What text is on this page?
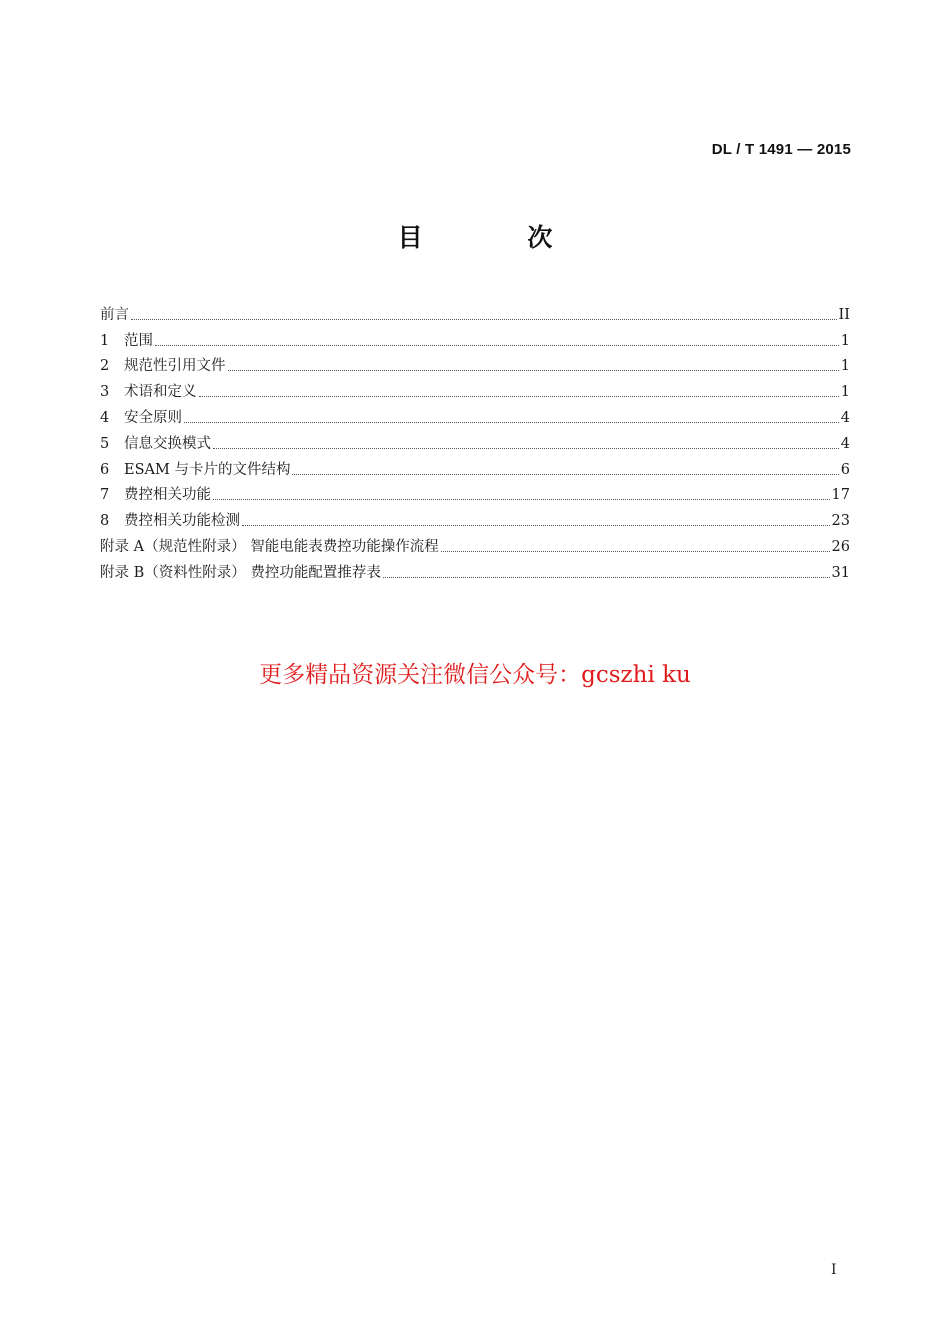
DL / T 1491 — 2015
目 次
前言	II
1	范围	1
2	规范性引用文件	1
3	术语和定义	1
4	安全原则	4
5	信息交换模式	4
6	ESAM 与卡片的文件结构	6
7	费控相关功能	17
8	费控相关功能检测	23
附录 A（规范性附录） 智能电能表费控功能操作流程	26
附录 B（资料性附录） 费控功能配置推荐表	31
更多精品资源关注微信公众号：gcszhi ku
I
